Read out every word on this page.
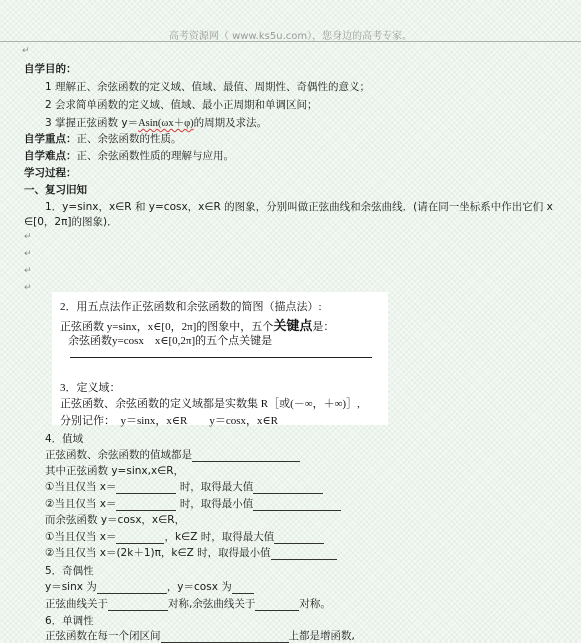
高考资源网（ www.ks5u.com），您身边的高考专家。
↵
自学目的：
1 理解正、余弦函数的定义域、值域、最值、周期性、奇偶性的意义；
2 会求简单函数的定义域、值域、最小正周期和单调区间；
3 掌握正弦函数 y＝Asin(ωx＋φ)的周期及求法。
自学重点：正、余弦函数的性质。
自学难点：正、余弦函数性质的理解与应用。
学习过程：
一、复习旧知
1．y=sinx，x∈R 和 y=cosx，x∈R 的图象，分别叫做正弦曲线和余弦曲线．(请在同一坐标系中作出它们 x
∈[0，2π]的图象)．
↵
↵
↵
↵
2．用五点法作正弦函数和余弦函数的简图（描点法）:
正弦函数 y=sinx，x∈[0，2π]的图象中，五个关键点是：
余弦函数y=cosx　x∈[0,2π]的五个点关键是
3．定义域：
正弦函数、余弦函数的定义域都是实数集 R［或(－∞，＋∞)］,
分别记作：　y＝sinx，x∈R　　y＝cosx，x∈R
4．值域
正弦函数、余弦函数的值域都是
其中正弦函数 y=sinx,x∈R，
①当且仅当 x＝	时，取得最大值
②当且仅当 x＝	时，取得最小值
而余弦函数 y＝cosx，x∈R，
①当且仅当 x＝	，k∈Z 时，取得最大值
②当且仅当 x＝(2k＋1)π，k∈Z 时，取得最小值
5．奇偶性
y＝sinx 为	，y＝cosx 为
正弦曲线关于	对称,余弦曲线关于	对称。
6．单调性
正弦函数在每一个闭区间	上都是增函数,
